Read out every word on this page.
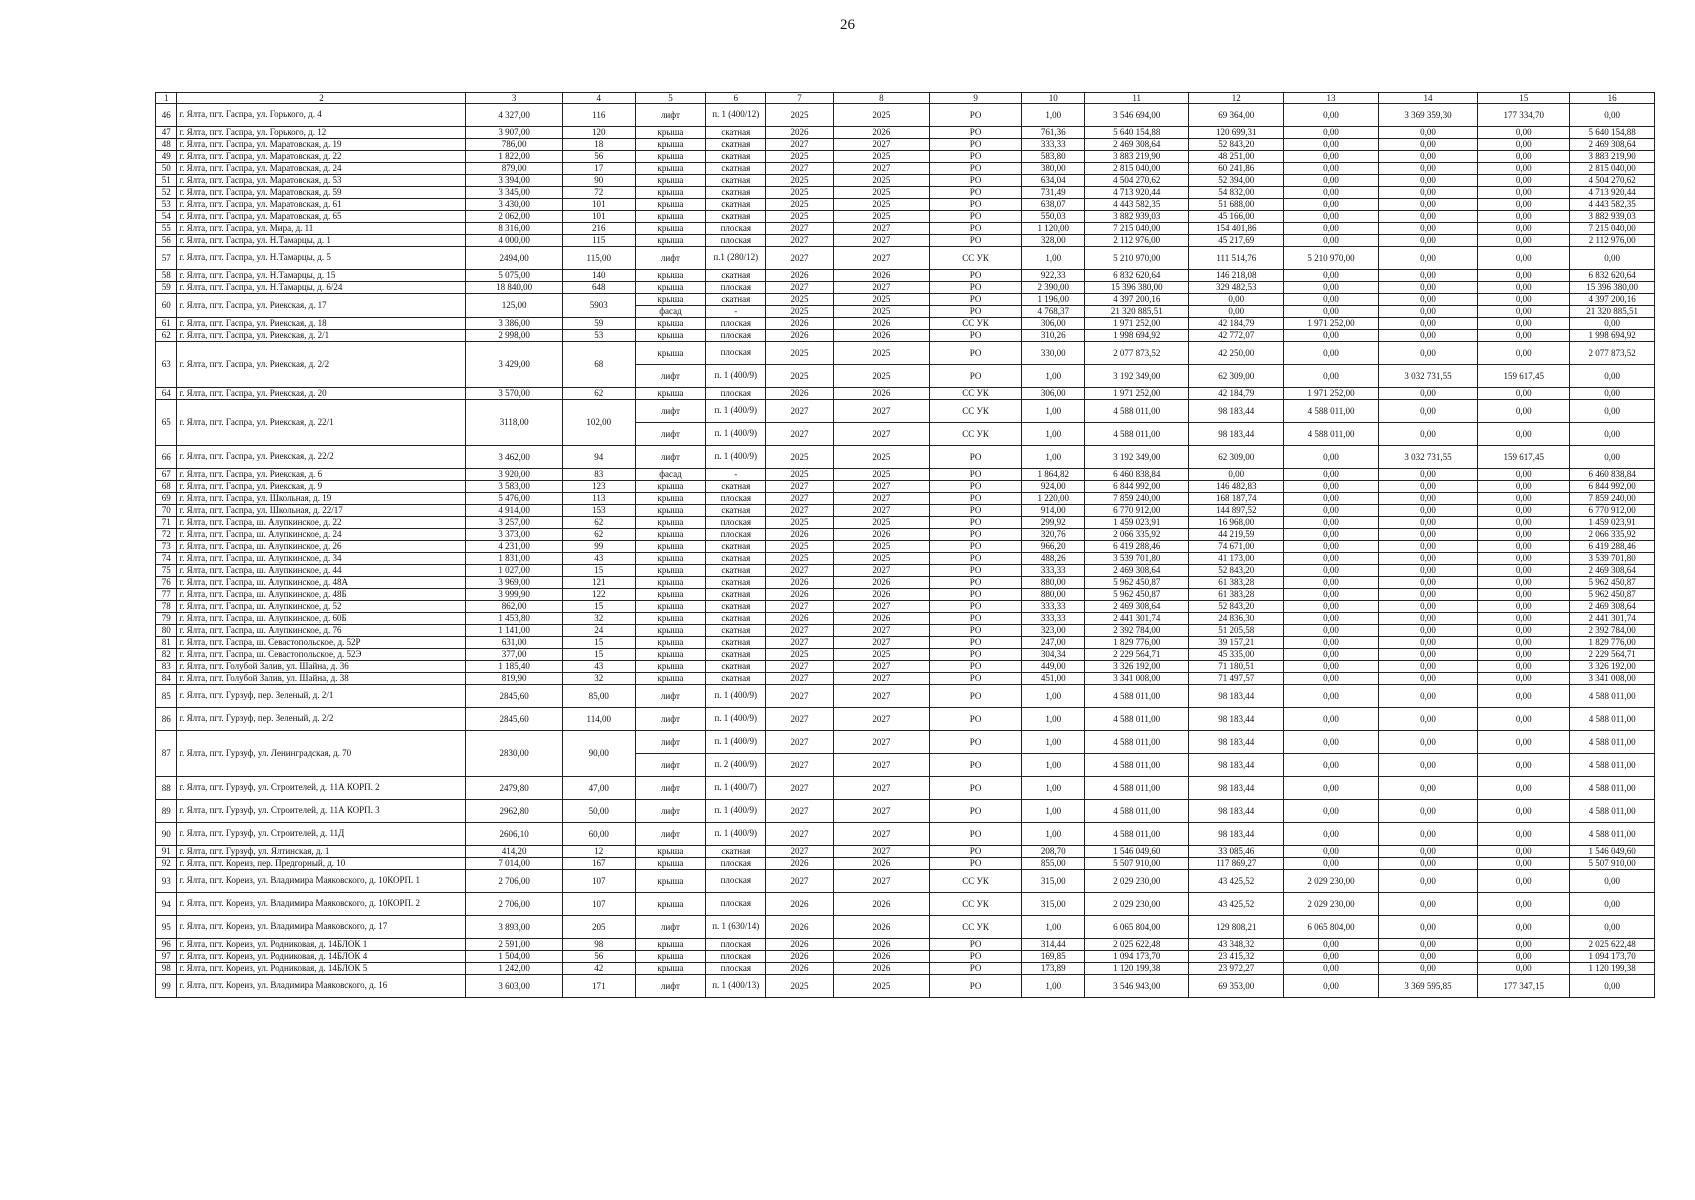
26
1	2	3	4	5	6	7	8	9	10	11	12	13	14	15	16
46	г. Ялта, пгт. Гаспра, ул. Горького, д. 4	4 327,00	116	лифт	п. 1 (400/12)	2025	2025	РО	1,00	3 546 694,00	69 364,00	0,00	3 369 359,30	177 334,70	0,00
47	г. Ялта, пгт. Гаспра, ул. Горького, д. 12	3 907,00	120	крыша	скатная	2026	2026	РО	761,36	5 640 154,88	120 699,31	0,00	0,00	0,00	5 640 154,88
48	г. Ялта, пгт. Гаспра, ул. Маратовская, д. 19	786,00	18	крыша	скатная	2027	2027	РО	333,33	2 469 308,64	52 843,20	0,00	0,00	0,00	2 469 308,64
49	г. Ялта, пгт. Гаспра, ул. Маратовская, д. 22	1 822,00	56	крыша	скатная	2025	2025	РО	583,80	3 883 219,90	48 251,00	0,00	0,00	0,00	3 883 219,90
50	г. Ялта, пгт. Гаспра, ул. Маратовская, д. 24	879,00	17	крыша	скатная	2027	2027	РО	380,00	2 815 040,00	60 241,86	0,00	0,00	0,00	2 815 040,00
51	г. Ялта, пгт. Гаспра, ул. Маратовская, д. 53	3 394,00	90	крыша	скатная	2025	2025	РО	634,04	4 504 270,62	52 394,00	0,00	0,00	0,00	4 504 270,62
52	г. Ялта, пгт. Гаспра, ул. Маратовская, д. 59	3 345,00	72	крыша	скатная	2025	2025	РО	731,49	4 713 920,44	54 832,00	0,00	0,00	0,00	4 713 920,44
53	г. Ялта, пгт. Гаспра, ул. Маратовская, д. 61	3 430,00	101	крыша	скатная	2025	2025	РО	638,07	4 443 582,35	51 688,00	0,00	0,00	0,00	4 443 582,35
54	г. Ялта, пгт. Гаспра, ул. Маратовская, д. 65	2 062,00	101	крыша	скатная	2025	2025	РО	550,03	3 882 939,03	45 166,00	0,00	0,00	0,00	3 882 939,03
55	г. Ялта, пгт. Гаспра, ул. Мира, д. 11	8 316,00	216	крыша	плоская	2027	2027	РО	1 120,00	7 215 040,00	154 401,86	0,00	0,00	0,00	7 215 040,00
56	г. Ялта, пгт. Гаспра, ул. Н.Тамарцы, д. 1	4 000,00	115	крыша	плоская	2027	2027	РО	328,00	2 112 976,00	45 217,69	0,00	0,00	0,00	2 112 976,00
57	г. Ялта, пгт. Гаспра, ул. Н.Тамарцы, д. 5	2494,00	115,00	лифт	п.1 (280/12)	2027	2027	СС УК	1,00	5 210 970,00	111 514,76	5 210 970,00	0,00	0,00	0,00
58	г. Ялта, пгт. Гаспра, ул. Н.Тамарцы, д. 15	5 075,00	140	крыша	скатная	2026	2026	РО	922,33	6 832 620,64	146 218,08	0,00	0,00	0,00	6 832 620,64
59	г. Ялта, пгт. Гаспра, ул. Н.Тамарцы, д. 6/24	18 840,00	648	крыша	плоская	2027	2027	РО	2 390,00	15 396 380,00	329 482,53	0,00	0,00	0,00	15 396 380,00
60	г. Ялта, пгт. Гаспра, ул. Риекская, д. 17	125,00	5903	крыша	скатная	2025	2025	РО	1 196,00	4 397 200,16	0,00	0,00	0,00	0,00	4 397 200,16
				фасад	-	2025	2025	РО	4 768,37	21 320 885,51	0,00	0,00	0,00	0,00	21 320 885,51
61	г. Ялта, пгт. Гаспра, ул. Риекская, д. 18	3 386,00	59	крыша	плоская	2026	2026	СС УК	306,00	1 971 252,00	42 184,79	1 971 252,00	0,00	0,00	0,00
62	г. Ялта, пгт. Гаспра, ул. Риекская, д. 2/1	2 998,00	53	крыша	плоская	2026	2026	РО	310,26	1 998 694,92	42 772,07	0,00	0,00	0,00	1 998 694,92
63	г. Ялта, пгт. Гаспра, ул. Риекская, д. 2/2	3 429,00	68	крыша	плоская	2025	2025	РО	330,00	2 077 873,52	42 250,00	0,00	0,00	0,00	2 077 873,52
				лифт	п. 1 (400/9)	2025	2025	РО	1,00	3 192 349,00	62 309,00	0,00	3 032 731,55	159 617,45	0,00
64	г. Ялта, пгт. Гаспра, ул. Риекская, д. 20	3 570,00	62	крыша	плоская	2026	2026	СС УК	306,00	1 971 252,00	42 184,79	1 971 252,00	0,00	0,00	0,00
65	г. Ялта, пгт. Гаспра, ул. Риекская, д. 22/1	3118,00	102,00	лифт	п. 1 (400/9)	2027	2027	СС УК	1,00	4 588 011,00	98 183,44	4 588 011,00	0,00	0,00	0,00
				лифт	п. 1 (400/9)	2027	2027	СС УК	1,00	4 588 011,00	98 183,44	4 588 011,00	0,00	0,00	0,00
66	г. Ялта, пгт. Гаспра, ул. Риекская, д. 22/2	3 462,00	94	лифт	п. 1 (400/9)	2025	2025	РО	1,00	3 192 349,00	62 309,00	0,00	3 032 731,55	159 617,45	0,00
67	г. Ялта, пгт. Гаспра, ул. Риекская, д. 6	3 920,00	83	фасад	-	2025	2025	РО	1 864,82	6 460 838,84	0,00	0,00	0,00	0,00	6 460 838,84
68	г. Ялта, пгт. Гаспра, ул. Риекская, д. 9	3 583,00	123	крыша	скатная	2027	2027	РО	924,00	6 844 992,00	146 482,83	0,00	0,00	0,00	6 844 992,00
69	г. Ялта, пгт. Гаспра, ул. Школьная, д. 19	5 476,00	113	крыша	плоская	2027	2027	РО	1 220,00	7 859 240,00	168 187,74	0,00	0,00	0,00	7 859 240,00
70	г. Ялта, пгт. Гаспра, ул. Школьная, д. 22/17	4 914,00	153	крыша	скатная	2027	2027	РО	914,00	6 770 912,00	144 897,52	0,00	0,00	0,00	6 770 912,00
71	г. Ялта, пгт. Гаспра, ш. Алупкинское, д. 22	3 257,00	62	крыша	плоская	2025	2025	РО	299,92	1 459 023,91	16 968,00	0,00	0,00	0,00	1 459 023,91
72	г. Ялта, пгт. Гаспра, ш. Алупкинское, д. 24	3 373,00	62	крыша	плоская	2026	2026	РО	320,76	2 066 335,92	44 219,59	0,00	0,00	0,00	2 066 335,92
73	г. Ялта, пгт. Гаспра, ш. Алупкинское, д. 26	4 231,00	99	крыша	скатная	2025	2025	РО	966,20	6 419 288,46	74 671,00	0,00	0,00	0,00	6 419 288,46
74	г. Ялта, пгт. Гаспра, ш. Алупкинское, д. 34	1 831,00	43	крыша	скатная	2025	2025	РО	488,26	3 539 701,80	41 173,00	0,00	0,00	0,00	3 539 701,80
75	г. Ялта, пгт. Гаспра, ш. Алупкинское, д. 44	1 027,00	15	крыша	скатная	2027	2027	РО	333,33	2 469 308,64	52 843,20	0,00	0,00	0,00	2 469 308,64
76	г. Ялта, пгт. Гаспра, ш. Алупкинское, д. 48А	3 969,00	121	крыша	скатная	2026	2026	РО	880,00	5 962 450,87	61 383,28	0,00	0,00	0,00	5 962 450,87
77	г. Ялта, пгт. Гаспра, ш. Алупкинское, д. 48Б	3 999,90	122	крыша	скатная	2026	2026	РО	880,00	5 962 450,87	61 383,28	0,00	0,00	0,00	5 962 450,87
78	г. Ялта, пгт. Гаспра, ш. Алупкинское, д. 52	862,00	15	крыша	скатная	2027	2027	РО	333,33	2 469 308,64	52 843,20	0,00	0,00	0,00	2 469 308,64
79	г. Ялта, пгт. Гаспра, ш. Алупкинское, д. 60Б	1 453,80	32	крыша	скатная	2026	2026	РО	333,33	2 441 301,74	24 836,30	0,00	0,00	0,00	2 441 301,74
80	г. Ялта, пгт. Гаспра, ш. Алупкинское, д. 76	1 141,00	24	крыша	скатная	2027	2027	РО	323,00	2 392 784,00	51 205,58	0,00	0,00	0,00	2 392 784,00
81	г. Ялта, пгт. Гаспра, ш. Севастопольское, д. 52Р	631,00	15	крыша	скатная	2027	2027	РО	247,00	1 829 776,00	39 157,21	0,00	0,00	0,00	1 829 776,00
82	г. Ялта, пгт. Гаспра, ш. Севастопольское, д. 52Э	377,00	15	крыша	скатная	2025	2025	РО	304,34	2 229 564,71	45 335,00	0,00	0,00	0,00	2 229 564,71
83	г. Ялта, пгт. Голубой Залив, ул. Шайна, д. 36	1 185,40	43	крыша	скатная	2027	2027	РО	449,00	3 326 192,00	71 180,51	0,00	0,00	0,00	3 326 192,00
84	г. Ялта, пгт. Голубой Залив, ул. Шайна, д. 38	819,90	32	крыша	скатная	2027	2027	РО	451,00	3 341 008,00	71 497,57	0,00	0,00	0,00	3 341 008,00
85	г. Ялта, пгт. Гурзуф, пер. Зеленый, д. 2/1	2845,60	85,00	лифт	п. 1 (400/9)	2027	2027	РО	1,00	4 588 011,00	98 183,44	0,00	0,00	0,00	4 588 011,00
86	г. Ялта, пгт. Гурзуф, пер. Зеленый, д. 2/2	2845,60	114,00	лифт	п. 1 (400/9)	2027	2027	РО	1,00	4 588 011,00	98 183,44	0,00	0,00	0,00	4 588 011,00
87	г. Ялта, пгт. Гурзуф, ул. Ленинградская, д. 70	2830,00	90,00	лифт	п. 1 (400/9)	2027	2027	РО	1,00	4 588 011,00	98 183,44	0,00	0,00	0,00	4 588 011,00
				лифт	п. 2 (400/9)	2027	2027	РО	1,00	4 588 011,00	98 183,44	0,00	0,00	0,00	4 588 011,00
88	г. Ялта, пгт. Гурзуф, ул. Строителей, д. 11А КОРП. 2	2479,80	47,00	лифт	п. 1 (400/7)	2027	2027	РО	1,00	4 588 011,00	98 183,44	0,00	0,00	0,00	4 588 011,00
89	г. Ялта, пгт. Гурзуф, ул. Строителей, д. 11А КОРП. 3	2962,80	50,00	лифт	п. 1 (400/9)	2027	2027	РО	1,00	4 588 011,00	98 183,44	0,00	0,00	0,00	4 588 011,00
90	г. Ялта, пгт. Гурзуф, ул. Строителей, д. 11Д	2606,10	60,00	лифт	п. 1 (400/9)	2027	2027	РО	1,00	4 588 011,00	98 183,44	0,00	0,00	0,00	4 588 011,00
91	г. Ялта, пгт. Гурзуф, ул. Ялтинская, д. 1	414,20	12	крыша	скатная	2027	2027	РО	208,70	1 546 049,60	33 085,46	0,00	0,00	0,00	1 546 049,60
92	г. Ялта, пгт. Кореиз, пер. Предгорный, д. 10	7 014,00	167	крыша	плоская	2026	2026	РО	855,00	5 507 910,00	117 869,27	0,00	0,00	0,00	5 507 910,00
93	г. Ялта, пгт. Кореиз, ул. Владимира Маяковского, д. 10КОРП. 1	2 706,00	107	крыша	плоская	2027	2027	СС УК	315,00	2 029 230,00	43 425,52	2 029 230,00	0,00	0,00	0,00
94	г. Ялта, пгт. Кореиз, ул. Владимира Маяковского, д. 10КОРП. 2	2 706,00	107	крыша	плоская	2026	2026	СС УК	315,00	2 029 230,00	43 425,52	2 029 230,00	0,00	0,00	0,00
95	г. Ялта, пгт. Кореиз, ул. Владимира Маяковского, д. 17	3 893,00	205	лифт	п. 1 (630/14)	2026	2026	СС УК	1,00	6 065 804,00	129 808,21	6 065 804,00	0,00	0,00	0,00
96	г. Ялта, пгт. Кореиз, ул. Родниковая, д. 14БЛОК 1	2 591,00	98	крыша	плоская	2026	2026	РО	314,44	2 025 622,48	43 348,32	0,00	0,00	0,00	2 025 622,48
97	г. Ялта, пгт. Кореиз, ул. Родниковая, д. 14БЛОК 4	1 504,00	56	крыша	плоская	2026	2026	РО	169,85	1 094 173,70	23 415,32	0,00	0,00	0,00	1 094 173,70
98	г. Ялта, пгт. Кореиз, ул. Родниковая, д. 14БЛОК 5	1 242,00	42	крыша	плоская	2026	2026	РО	173,89	1 120 199,38	23 972,27	0,00	0,00	0,00	1 120 199,38
99	г. Ялта, пгт. Кореиз, ул. Владимира Маяковского, д. 16	3 603,00	171	лифт	п. 1 (400/13)	2025	2025	РО	1,00	3 546 943,00	69 353,00	0,00	3 369 595,85	177 347,15	0,00
